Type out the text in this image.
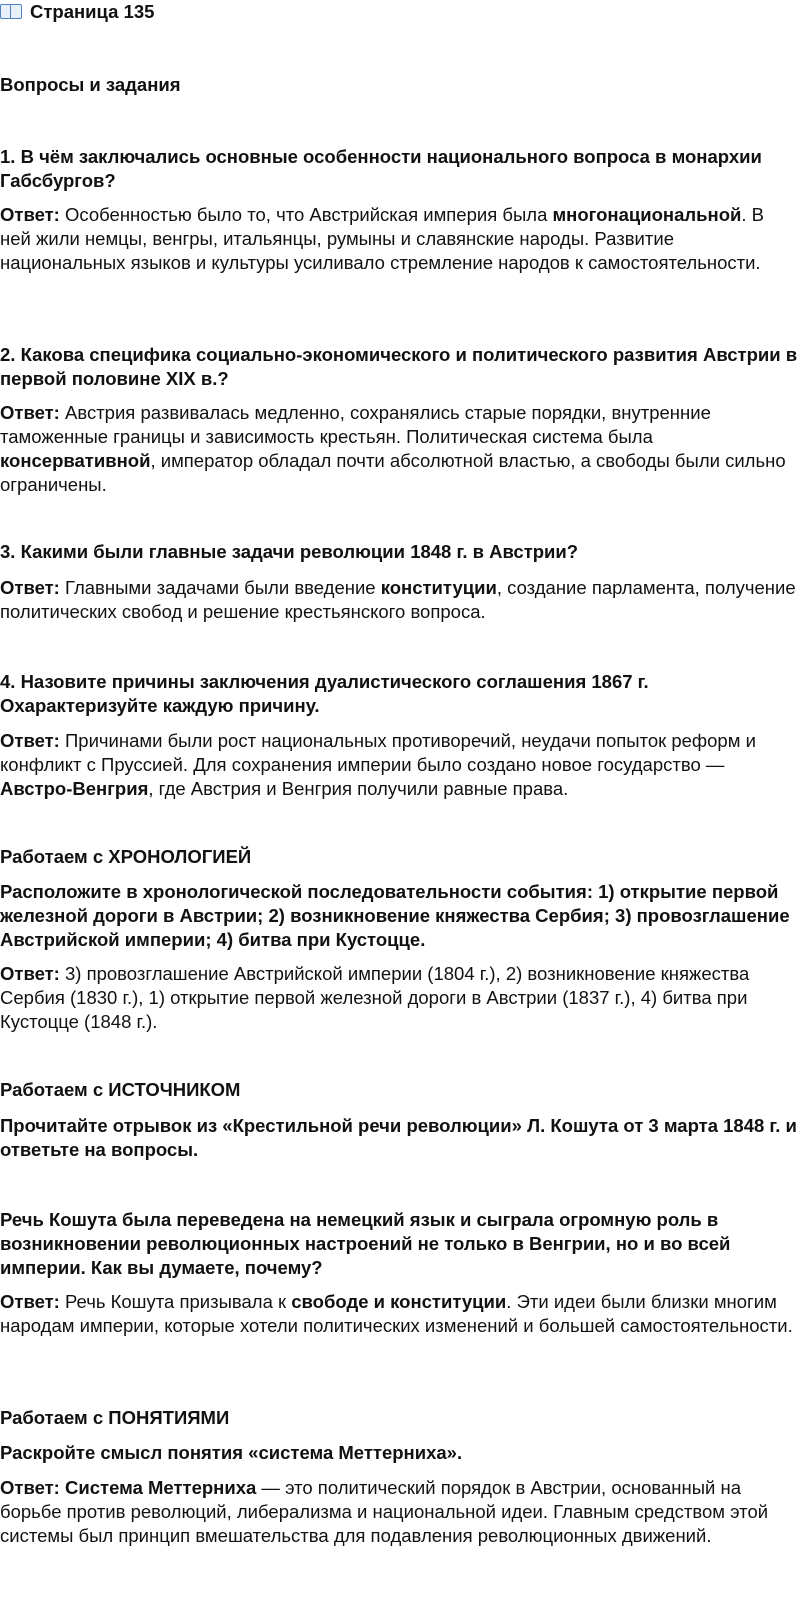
Страница 135
Вопросы и задания
1. В чём заключались основные особенности национального вопроса в монархии Габсбургов?
Ответ: Особенностью было то, что Австрийская империя была многонациональной. В ней жили немцы, венгры, итальянцы, румыны и славянские народы. Развитие национальных языков и культуры усиливало стремление народов к самостоятельности.
2. Какова специфика социально-экономического и политического развития Австрии в первой половине XIX в.?
Ответ: Австрия развивалась медленно, сохранялись старые порядки, внутренние таможенные границы и зависимость крестьян. Политическая система была консервативной, император обладал почти абсолютной властью, а свободы были сильно ограничены.
3. Какими были главные задачи революции 1848 г. в Австрии?
Ответ: Главными задачами были введение конституции, создание парламента, получение политических свобод и решение крестьянского вопроса.
4. Назовите причины заключения дуалистического соглашения 1867 г. Охарактеризуйте каждую причину.
Ответ: Причинами были рост национальных противоречий, неудачи попыток реформ и конфликт с Пруссией. Для сохранения империи было создано новое государство — Австро-Венгрия, где Австрия и Венгрия получили равные права.
Работаем с ХРОНОЛОГИЕЙ
Расположите в хронологической последовательности события: 1) открытие первой железной дороги в Австрии; 2) возникновение княжества Сербия; 3) провозглашение Австрийской империи; 4) битва при Кустоцце.
Ответ: 3) провозглашение Австрийской империи (1804 г.), 2) возникновение княжества Сербия (1830 г.), 1) открытие первой железной дороги в Австрии (1837 г.), 4) битва при Кустоцце (1848 г.).
Работаем с ИСТОЧНИКОМ
Прочитайте отрывок из «Крестильной речи революции» Л. Кошута от 3 марта 1848 г. и ответьте на вопросы.
Речь Кошута была переведена на немецкий язык и сыграла огромную роль в возникновении революционных настроений не только в Венгрии, но и во всей империи. Как вы думаете, почему?
Ответ: Речь Кошута призывала к свободе и конституции. Эти идеи были близки многим народам империи, которые хотели политических изменений и большей самостоятельности.
Работаем с ПОНЯТИЯМИ
Раскройте смысл понятия «система Меттерниха».
Ответ: Система Меттерниха — это политический порядок в Австрии, основанный на борьбе против революций, либерализма и национальной идеи. Главным средством этой системы был принцип вмешательства для подавления революционных движений.
